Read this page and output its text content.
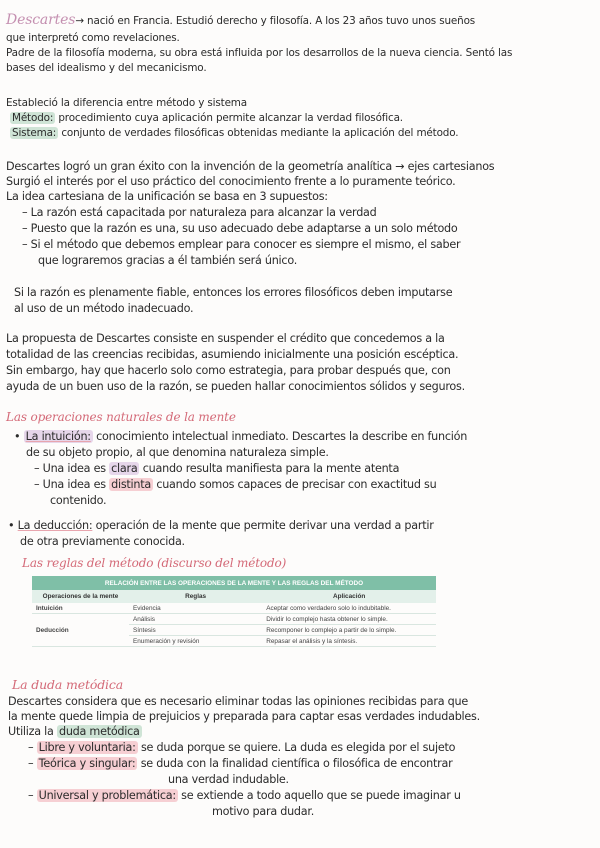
Descartes→ nació en Francia. Estudió derecho y filosofía. A los 23 años tuvo unos sueños
que interpretó como revelaciones.
Padre de la filosofía moderna, su obra está influida por los desarrollos de la nueva ciencia. Sentó las
bases del idealismo y del mecanicismo.
Estableció la diferencia entre método y sistema
Método: procedimiento cuya aplicación permite alcanzar la verdad filosófica.
Sistema: conjunto de verdades filosóficas obtenidas mediante la aplicación del método.
Descartes logró un gran éxito con la invención de la geometría analítica → ejes cartesianos
Surgió el interés por el uso práctico del conocimiento frente a lo puramente teórico.
La idea cartesiana de la unificación se basa en 3 supuestos:
– La razón está capacitada por naturaleza para alcanzar la verdad
– Puesto que la razón es una, su uso adecuado debe adaptarse a un solo método
– Si el método que debemos emplear para conocer es siempre el mismo, el saber
que lograremos gracias a él también será único.
Si la razón es plenamente fiable, entonces los errores filosóficos deben imputarse
al uso de un método inadecuado.
La propuesta de Descartes consiste en suspender el crédito que concedemos a la
totalidad de las creencias recibidas, asumiendo inicialmente una posición escéptica.
Sin embargo, hay que hacerlo solo como estrategia, para probar después que, con
ayuda de un buen uso de la razón, se pueden hallar conocimientos sólidos y seguros.
Las operaciones naturales de la mente
• La intuición: conocimiento intelectual inmediato. Descartes la describe en función
de su objeto propio, al que denomina naturaleza simple.
– Una idea es clara cuando resulta manifiesta para la mente atenta
– Una idea es distinta cuando somos capaces de precisar con exactitud su
contenido.
• La deducción: operación de la mente que permite derivar una verdad a partir
de otra previamente conocida.
Las reglas del método (discurso del método)
RELACIÓN ENTRE LAS OPERACIONES DE LA MENTE Y LAS REGLAS DEL MÉTODO		
Operaciones de la mente	Reglas	Aplicación
Intuición	Evidencia	Aceptar como verdadero solo lo indubitable.
Deducción	Análisis	Dividir lo complejo hasta obtener lo simple.
	Síntesis	Recomponer lo complejo a partir de lo simple.
	Enumeración y revisión	Repasar el análisis y la síntesis.
La duda metódica
Descartes considera que es necesario eliminar todas las opiniones recibidas para que
la mente quede limpia de prejuicios y preparada para captar esas verdades indudables.
Utiliza la duda metódica
– Libre y voluntaria: se duda porque se quiere. La duda es elegida por el sujeto
– Teórica y singular: se duda con la finalidad científica o filosófica de encontrar
una verdad indudable.
– Universal y problemática: se extiende a todo aquello que se puede imaginar u
motivo para dudar.
